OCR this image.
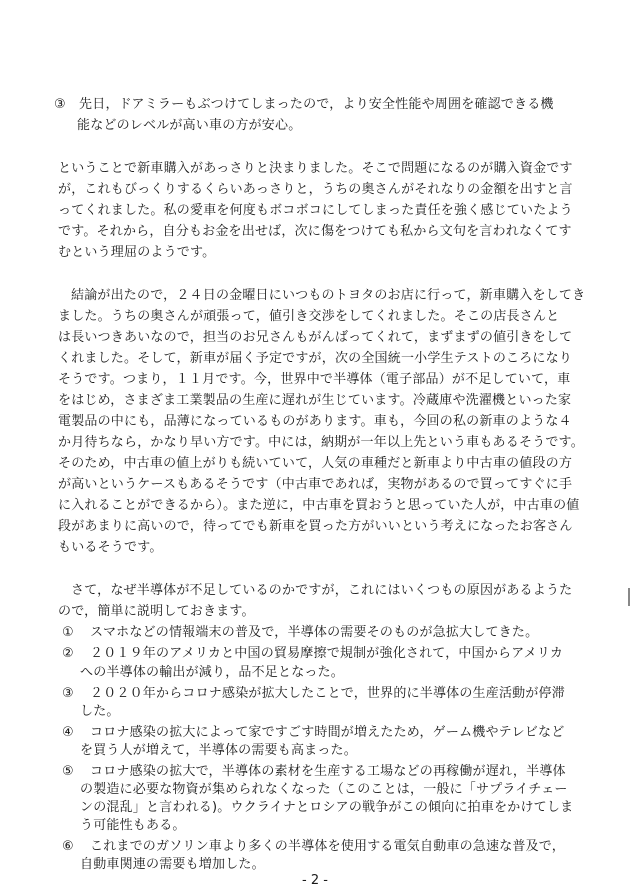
③　先日，ドアミラーもぶつけてしまったので，より安全性能や周囲を確認できる機
能などのレベルが高い車の方が安心。
ということで新車購入があっさりと決まりました。そこで問題になるのが購入資金です
が，これもびっくりするくらいあっさりと，うちの奥さんがそれなりの金額を出すと言
ってくれました。私の愛車を何度もボコボコにしてしまった責任を強く感じていたよう
です。それから，自分もお金を出せば，次に傷をつけても私から文句を言われなくてす
むという理屈のようです。
結論が出たので，２４日の金曜日にいつものトヨタのお店に行って，新車購入をしてき
ました。うちの奥さんが頑張って，値引き交渉をしてくれました。そこの店長さんと
は長いつきあいなので，担当のお兄さんもがんばってくれて，まずまずの値引きをして
くれました。そして，新車が届く予定ですが，次の全国統一小学生テストのころになり
そうです。つまり，１１月です。今，世界中で半導体（電子部品）が不足していて，車
をはじめ，さまざま工業製品の生産に遅れが生じています。冷蔵庫や洗濯機といった家
電製品の中にも，品薄になっているものがあります。車も，今回の私の新車のような４
か月待ちなら，かなり早い方です。中には，納期が一年以上先という車もあるそうです。
そのため，中古車の値上がりも続いていて，人気の車種だと新車より中古車の値段の方
が高いというケースもあるそうです（中古車であれば，実物があるので買ってすぐに手
に入れることができるから）。また逆に，中古車を買おうと思っていた人が，中古車の値
段があまりに高いので，待ってでも新車を買った方がいいという考えになったお客さん
もいるそうです。
さて，なぜ半導体が不足しているのかですが，これにはいくつもの原因があるようた
ので，簡単に説明しておきます。
① スマホなどの情報端末の普及で，半導体の需要そのものが急拡大してきた。
② ２０１９年のアメリカと中国の貿易摩擦で規制が強化されて，中国からアメリカ
への半導体の輸出が減り，品不足となった。
③ ２０２０年からコロナ感染が拡大したことで，世界的に半導体の生産活動が停滞
した。
④ コロナ感染の拡大によって家ですごす時間が増えたため，ゲーム機やテレビなど
を買う人が増えて，半導体の需要も高まった。
⑤ コロナ感染の拡大で，半導体の素材を生産する工場などの再稼働が遅れ，半導体
の製造に必要な物資が集められなくなった（このことは，一般に「サプライチェー
ンの混乱」と言われる)。ウクライナとロシアの戦争がこの傾向に拍車をかけてしま
う可能性もある。
⑥ これまでのガソリン車より多くの半導体を使用する電気自動車の急速な普及で，
自動車関連の需要も増加した。
- 2 -
